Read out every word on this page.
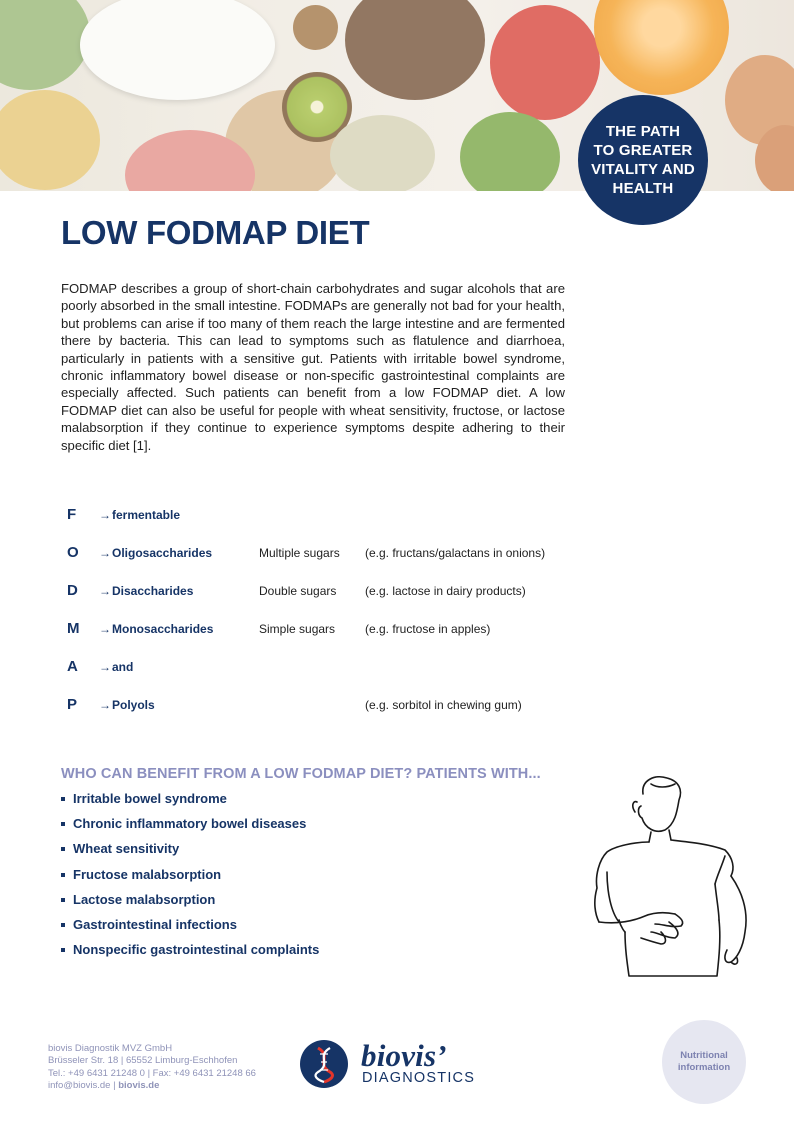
THE PATH
TO GREATER
VITALITY AND
HEALTH
LOW FODMAP DIET

FODMAP describes a group of short-chain carbohydrates and sugar alcohols that are poorly absorbed in the small intestine. FODMAPs are generally not bad for your health, but problems can arise if too many of them reach the large intestine and are fermented there by bacteria. This can lead to symptoms such as flatulence and diarrhoea, particularly in patients with a sensitive gut. Patients with irritable bowel syndrome, chronic inflammatory bowel disease or non-specific gastrointestinal complaints are especially affected. Such patients can benefit from a low FODMAP diet. A low FODMAP diet can also be useful for people with wheat sensitivity, fructose, or lactose malabsorption if they continue to experience symptoms despite adhering to their specific diet [1].

F →fermentable
O →Oligosaccharides	Multiple sugars (e.g. fructans/galactans in onions)
D →Disaccharides	Double sugars (e.g. lactose in dairy products)
M →Monosaccharides	Simple sugars (e.g. fructose in apples)
A →and
P →Polyols	(e.g. sorbitol in chewing gum)
WHO CAN BENEFIT FROM A LOW FODMAP DIET? PATIENTS WITH...
Irritable bowel syndrome
Chronic inflammatory bowel diseases
Wheat sensitivity
Fructose malabsorption
Lactose malabsorption
Gastrointestinal infections
Nonspecific gastrointestinal complaints
biovis Diagnostik MVZ GmbH
Brüsseler Str. 18 | 65552 Limburg-Eschhofen
Tel.: +49 6431 21248 0 | Fax: +49 6431 21248 66
info@biovis.de | biovis.de
biovis’
DIAGNOSTICS
Nutritional
information
